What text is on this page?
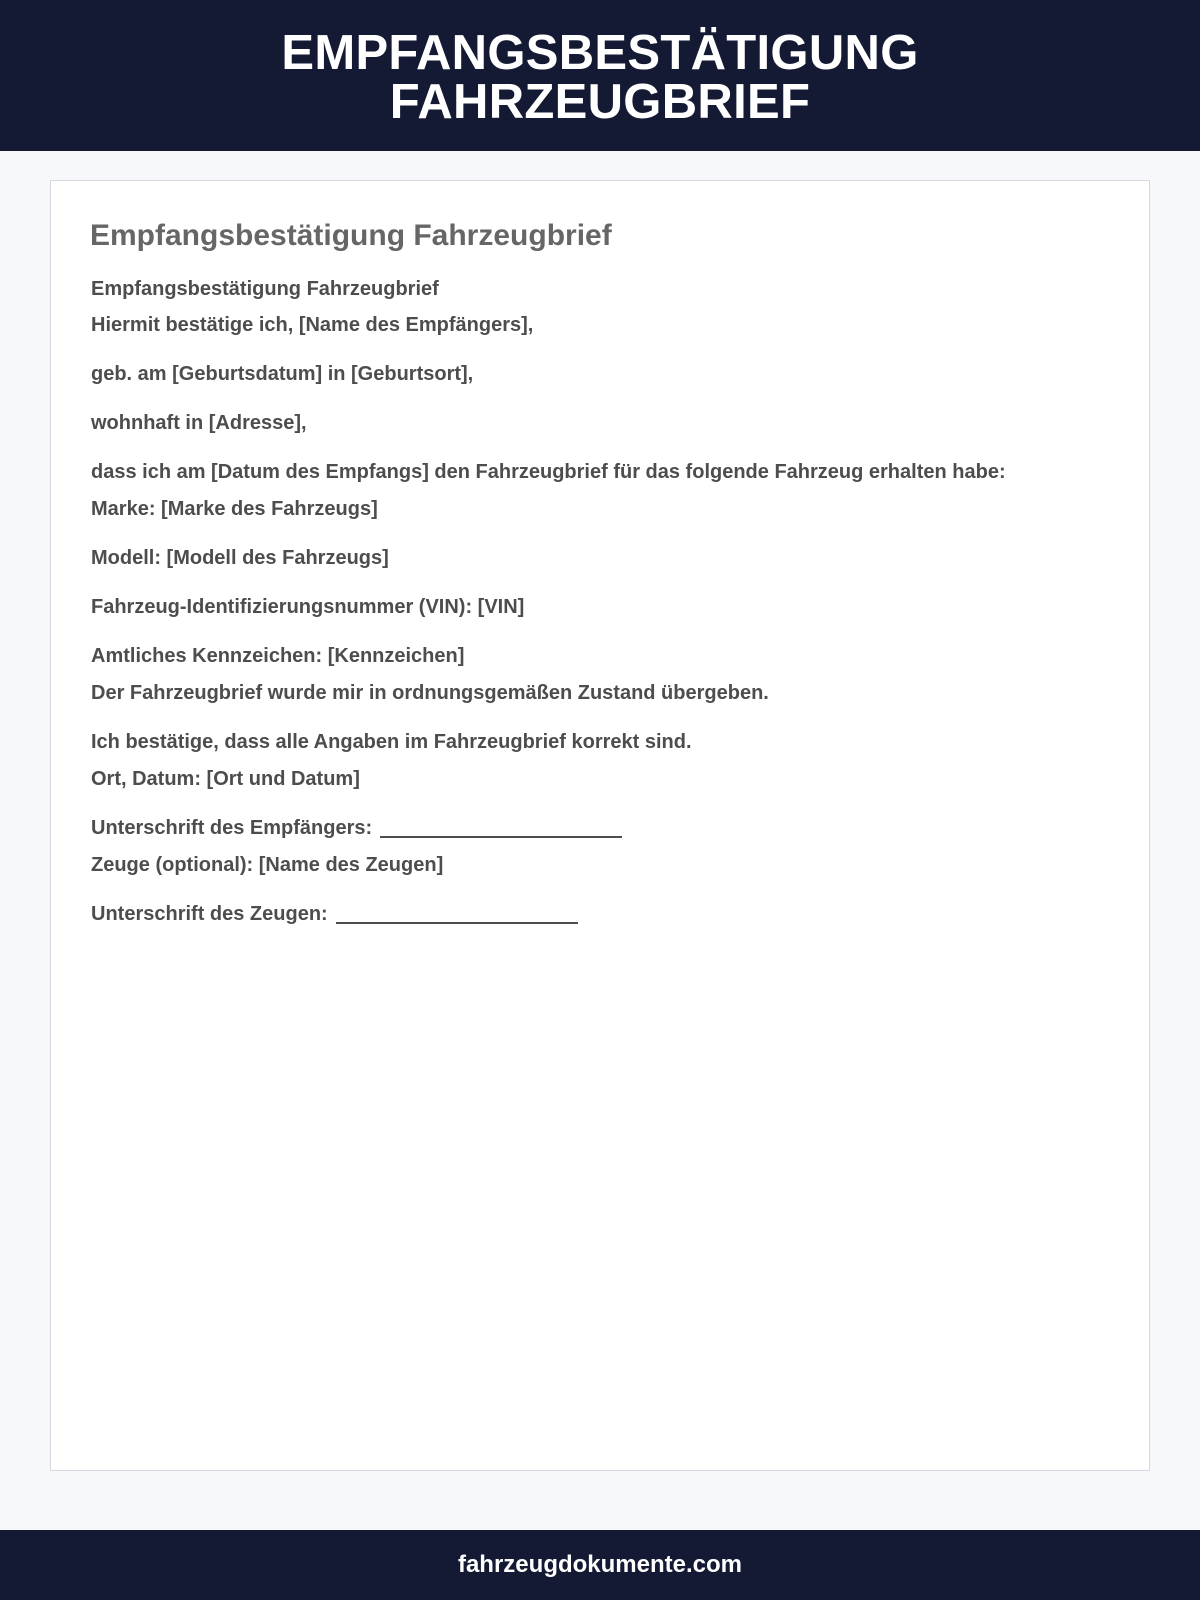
EMPFANGSBESTÄTIGUNG
FAHRZEUGBRIEF
Empfangsbestätigung Fahrzeugbrief
Empfangsbestätigung Fahrzeugbrief
Hiermit bestätige ich, [Name des Empfängers],
geb. am [Geburtsdatum] in [Geburtsort],
wohnhaft in [Adresse],
dass ich am [Datum des Empfangs] den Fahrzeugbrief für das folgende Fahrzeug erhalten habe:
Marke: [Marke des Fahrzeugs]
Modell: [Modell des Fahrzeugs]
Fahrzeug-Identifizierungsnummer (VIN): [VIN]
Amtliches Kennzeichen: [Kennzeichen]
Der Fahrzeugbrief wurde mir in ordnungsgemäßen Zustand übergeben.
Ich bestätige, dass alle Angaben im Fahrzeugbrief korrekt sind.
Ort, Datum: [Ort und Datum]
Unterschrift des Empfängers:
Zeuge (optional): [Name des Zeugen]
Unterschrift des Zeugen:
fahrzeugdokumente.com
